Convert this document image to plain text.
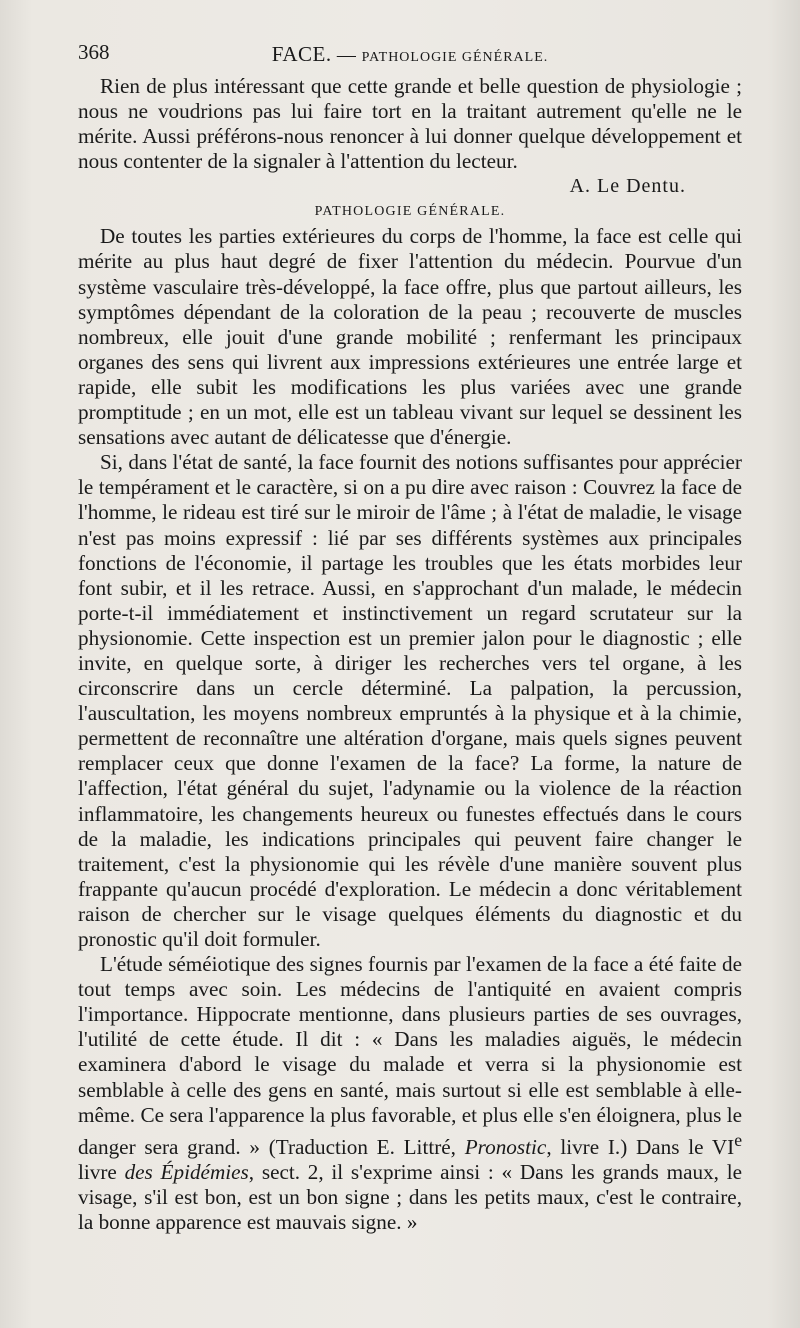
368	FACE. — PATHOLOGIE GÉNÉRALE.

Rien de plus intéressant que cette grande et belle question de physiologie ; nous ne voudrions pas lui faire tort en la traitant autrement qu'elle ne le mérite. Aussi préférons-nous renoncer à lui donner quelque développement et nous contenter de la signaler à l'attention du lecteur.

A. Le Dentu.
PATHOLOGIE GÉNÉRALE.

De toutes les parties extérieures du corps de l'homme, la face est celle qui mérite au plus haut degré de fixer l'attention du médecin. Pourvue d'un système vasculaire très-développé, la face offre, plus que partout ailleurs, les symptômes dépendant de la coloration de la peau ; recouverte de muscles nombreux, elle jouit d'une grande mobilité ; renfermant les principaux organes des sens qui livrent aux impressions extérieures une entrée large et rapide, elle subit les modifications les plus variées avec une grande promptitude ; en un mot, elle est un tableau vivant sur lequel se dessinent les sensations avec autant de délicatesse que d'énergie.

Si, dans l'état de santé, la face fournit des notions suffisantes pour apprécier le tempérament et le caractère, si on a pu dire avec raison : Couvrez la face de l'homme, le rideau est tiré sur le miroir de l'âme ; à l'état de maladie, le visage n'est pas moins expressif : lié par ses différents systèmes aux principales fonctions de l'économie, il partage les troubles que les états morbides leur font subir, et il les retrace. Aussi, en s'approchant d'un malade, le médecin porte-t-il immédiatement et instinctivement un regard scrutateur sur la physionomie. Cette inspection est un premier jalon pour le diagnostic ; elle invite, en quelque sorte, à diriger les recherches vers tel organe, à les circonscrire dans un cercle déterminé. La palpation, la percussion, l'auscultation, les moyens nombreux empruntés à la physique et à la chimie, permettent de reconnaître une altération d'organe, mais quels signes peuvent remplacer ceux que donne l'examen de la face? La forme, la nature de l'affection, l'état général du sujet, l'adynamie ou la violence de la réaction inflammatoire, les changements heureux ou funestes effectués dans le cours de la maladie, les indications principales qui peuvent faire changer le traitement, c'est la physionomie qui les révèle d'une manière souvent plus frappante qu'aucun procédé d'exploration. Le médecin a donc véritablement raison de chercher sur le visage quelques éléments du diagnostic et du pronostic qu'il doit formuler.

L'étude séméiotique des signes fournis par l'examen de la face a été faite de tout temps avec soin. Les médecins de l'antiquité en avaient compris l'importance. Hippocrate mentionne, dans plusieurs parties de ses ouvrages, l'utilité de cette étude. Il dit : « Dans les maladies aiguës, le médecin examinera d'abord le visage du malade et verra si la physionomie est semblable à celle des gens en santé, mais surtout si elle est semblable à elle-même. Ce sera l'apparence la plus favorable, et plus elle s'en éloignera, plus le danger sera grand. » (Traduction E. Littré, Pronostic, livre I.) Dans le VIe livre des Épidémies, sect. 2, il s'exprime ainsi : « Dans les grands maux, le visage, s'il est bon, est un bon signe ; dans les petits maux, c'est le contraire, la bonne apparence est mauvais signe. »
